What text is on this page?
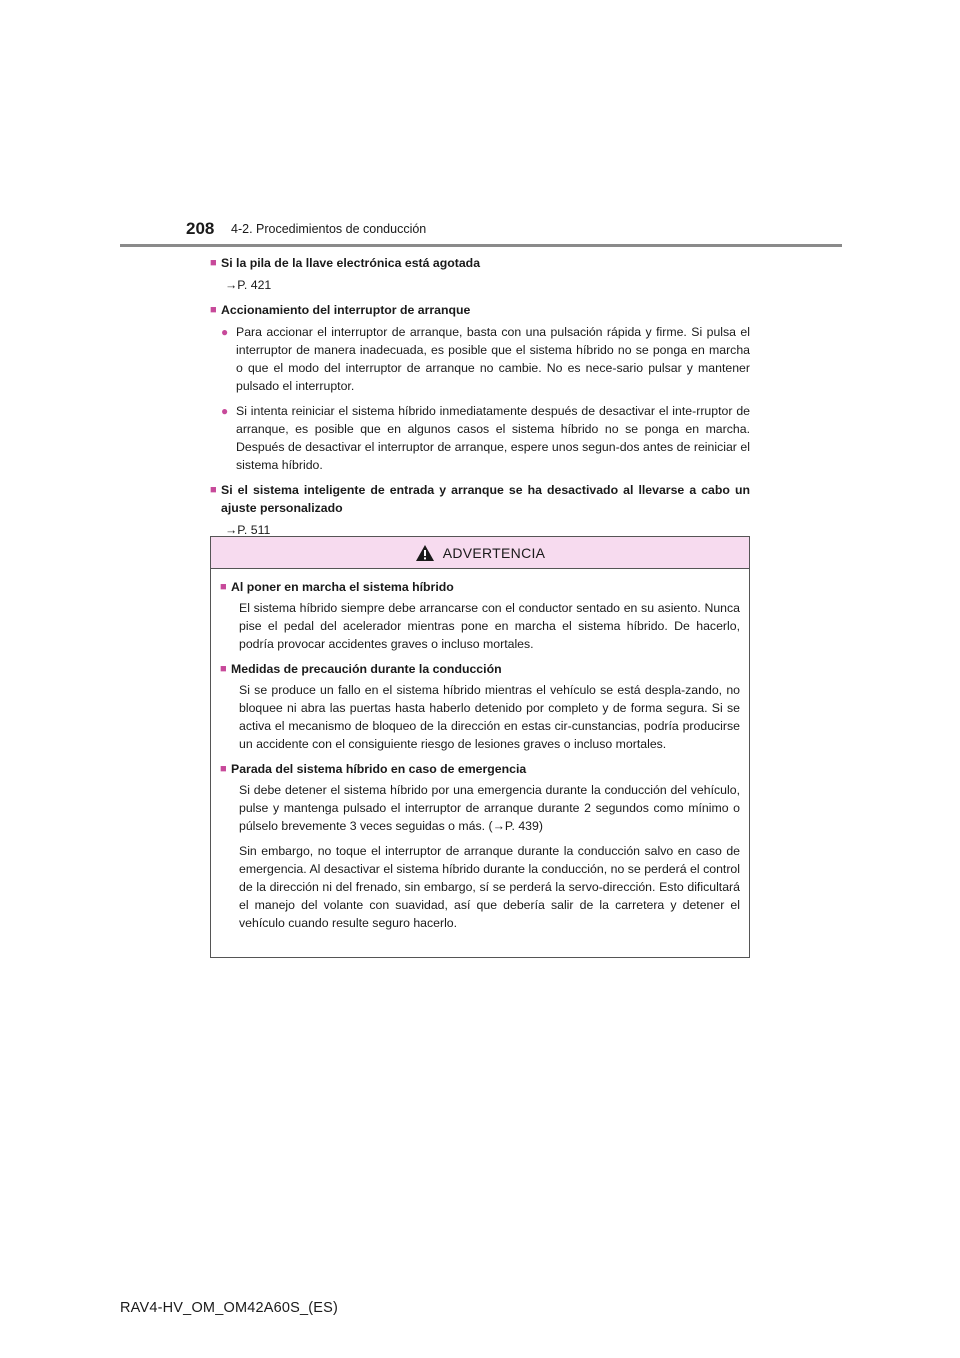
208 4-2. Procedimientos de conducción
■ Si la pila de la llave electrónica está agotada
→P. 421
■ Accionamiento del interruptor de arranque
● Para accionar el interruptor de arranque, basta con una pulsación rápida y firme. Si pulsa el interruptor de manera inadecuada, es posible que el sistema híbrido no se ponga en marcha o que el modo del interruptor de arranque no cambie. No es nece-sario pulsar y mantener pulsado el interruptor.
● Si intenta reiniciar el sistema híbrido inmediatamente después de desactivar el inte-rruptor de arranque, es posible que en algunos casos el sistema híbrido no se ponga en marcha. Después de desactivar el interruptor de arranque, espere unos segun-dos antes de reiniciar el sistema híbrido.
■ Si el sistema inteligente de entrada y arranque se ha desactivado al llevarse a cabo un ajuste personalizado
→P. 511
ADVERTENCIA
■ Al poner en marcha el sistema híbrido
El sistema híbrido siempre debe arrancarse con el conductor sentado en su asiento. Nunca pise el pedal del acelerador mientras pone en marcha el sistema híbrido. De hacerlo, podría provocar accidentes graves o incluso mortales.
■ Medidas de precaución durante la conducción
Si se produce un fallo en el sistema híbrido mientras el vehículo se está despla-zando, no bloquee ni abra las puertas hasta haberlo detenido por completo y de forma segura. Si se activa el mecanismo de bloqueo de la dirección en estas cir-cunstancias, podría producirse un accidente con el consiguiente riesgo de lesiones graves o incluso mortales.
■ Parada del sistema híbrido en caso de emergencia
Si debe detener el sistema híbrido por una emergencia durante la conducción del vehículo, pulse y mantenga pulsado el interruptor de arranque durante 2 segundos como mínimo o púlselo brevemente 3 veces seguidas o más. (→P. 439)
Sin embargo, no toque el interruptor de arranque durante la conducción salvo en caso de emergencia. Al desactivar el sistema híbrido durante la conducción, no se perderá el control de la dirección ni del frenado, sin embargo, sí se perderá la servo-dirección. Esto dificultará el manejo del volante con suavidad, así que debería salir de la carretera y detener el vehículo cuando resulte seguro hacerlo.
RAV4-HV_OM_OM42A60S_(ES)
